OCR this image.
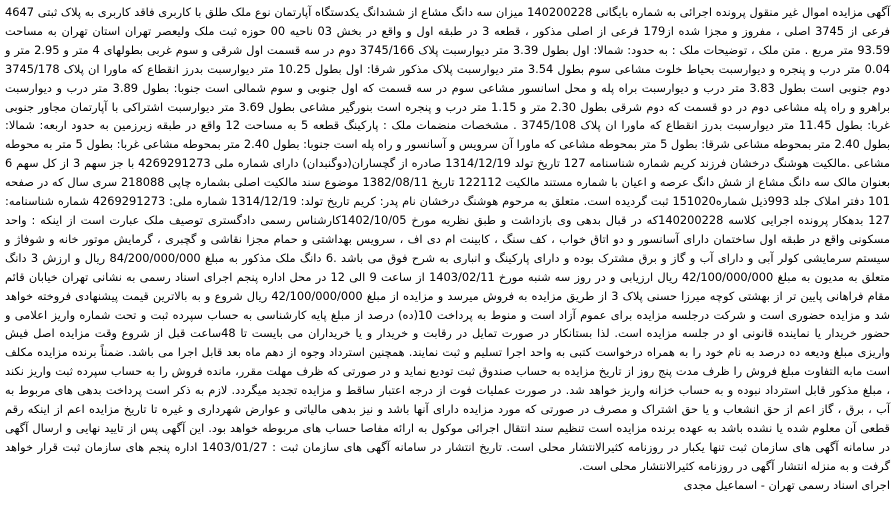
آگهی مزایده اموال غیر منقول پرونده اجرائی به شماره بایگانی 140200228 میزان سه دانگ مشاع از ششدانگ یکدستگاه آپارتمان نوع ملک طلق با کاربری فاقد کاربری به پلاک ثبتی 4647 فرعی از 3745 اصلی ، مفروز و مجزا شده از179 فرعی از اصلی مذکور ، قطعه 3 در طبقه اول و واقع در بخش 03 ناحیه 00 حوزه ثبت ملک ولیعصر تهران استان تهران به مساحت 93.59 متر مربع . متن ملک ، توضیحات ملک : به حدود: شمالا: اول بطول 3.39 متر دیوارسبت پلاک 3745/166 دوم در سه قسمت اول شرقی و سوم غربی بطولهای 4 متر و 2.95 متر و 0.04 متر درب و پنجره و دیوارسبت بحیاط خلوت مشاعی سوم بطول 3.54 متر دیوارسبت پلاک مذکور شرقا: اول بطول 10.25 متر دیوارسبت بدرز انقطاع که ماورا ان پلاک 3745/178 دوم جنوبی است بطول 3.83 متر درب و دیوارسبت براه پله و محل اسانسور مشاعی سوم در سه قسمت که اول جنوبی و سوم شمالی است جنوبا: بطول 3.89 متر درب و دیوارسبت براهرو و راه پله مشاعی دوم در دو قسمت که دوم شرقی بطول 2.30 متر و 1.15 متر درب و پنجره است بنورگیر مشاعی بطول 3.69 متر دیوارسبت اشتراکی با آپارتمان مجاور جنوبی غربا: بطول 11.45 متر دیوارسبت بدرز انقطاع که ماورا ان پلاک 3745/108 . مشخصات منضمات ملک : پارکینگ قطعه 5 به مساحت 12 واقع در طبقه زیرزمین به حدود اربعه: شمالا: بطول 2.40 متر بمحوطه مشاعی شرقا: بطول 5 متر بمحوطه مشاعی که ماورا آن سرویس و آسانسور و راه پله است جنوبا: بطول 2.40 متر بمحوطه مشاعی غربا: بطول 5 متر به محوطه مشاعی .مالکیت هوشنگ درخشان فرزند کریم شماره شناسنامه 127 تاریخ تولد 1314/12/19 صادره از گچساران(دوگنبدان) دارای شماره ملی 4269291273 با جز سهم 3 از کل سهم 6 بعنوان مالک سه دانگ مشاع از شش دانگ عرصه و اعیان با شماره مستند مالکیت 122112 تاریخ 1382/08/11 موضوع سند مالکیت اصلی بشماره چاپی 218088 سری سال که در صفحه 101 دفتر املاک جلد 993ذیل شماره151020 ثبت گردیده است. متعلق به مرحوم هوشنگ درخشان نام پدر: کریم تاریخ تولد: 1314/12/19 شماره ملی: 4269291273 شماره شناسنامه: 127 بدهکار پرونده اجرایی کلاسه 140200228که در قبال بدهی وی بازداشت و طبق نظریه مورخ 1402/10/05کارشناس رسمی دادگستری توصیف ملک عبارت است از اینکه : واحد مسکونی واقع در طبقه اول ساختمان دارای آسانسور و دو اتاق خواب ، کف سنگ ، کابینت ام دی اف ، سرویس بهداشتی و حمام مجزا نقاشی و گچبری ، گرمایش موتور خانه و شوفاژ و سیستم سرمایشی کولر آبی و دارای آب و گاز و برق مشترک بوده و دارای پارکینگ و انباری به شرح فوق می باشد .6 دانگ ملک مذکور به مبلغ 84/200/000/000 ریال و ارزش 3 دانگ متعلق به مدیون به مبلغ 42/100/000/000 ریال ارزیابی و در روز سه شنبه مورخ 1403/02/11 از ساعت 9 الی 12 در محل اداره پنجم اجرای اسناد رسمی به نشانی تهران خیابان قائم مقام فراهانی پایین تر از بهشتی کوچه میرزا حسنی پلاک 3 از طریق مزایده به فروش میرسد و مزایده از مبلغ 42/100/000/000 ریال شروع و به بالاترین قیمت پیشنهادی فروخته خواهد شد و مزایده حضوری است و شرکت درجلسه مزایده برای عموم آزاد است و منوط به پرداخت 10(ده) درصد از مبلغ پایه کارشناسی به حساب سپرده ثبت و تحت شماره واریز اعلامی و حضور خریدار یا نماینده قانونی او در جلسه مزایده است. لذا بستانکار در صورت تمایل در رقابت و خریدار و یا خریداران می بایست تا 48ساعت قبل از شروع وقت مزایده اصل فیش واریزی مبلغ ودیعه ده درصد به نام خود را به همراه درخواست کتبی به واحد اجرا تسلیم و ثبت نمایند. همچنین استرداد وجوه از دهم ماه بعد قابل اجرا می باشد. ضمناً برنده مزایده مکلف است مابه التفاوت مبلغ فروش را ظرف مدت پنج روز از تاریخ مزایده به حساب صندوق ثبت تودیع نماید و در صورتی که ظرف مهلت مقرر، مانده فروش را به حساب سپرده ثبت واریز نکند ، مبلغ مذکور قابل استرداد نبوده و به حساب خزانه واریز خواهد شد. در صورت عملیات فوت از درجه اعتبار ساقط و مزایده تجدید میگردد. لازم به ذکر است پرداخت بدهی های مربوط به آب ، برق ، گاز اعم از حق انشعاب و یا حق اشتراک و مصرف در صورتی که مورد مزایده دارای آنها باشد و نیز بدهی مالیاتی و عوارض شهرداری و غیره تا تاریخ مزایده اعم از اینکه رقم قطعی آن معلوم شده یا نشده باشد به عهده برنده مزایده است تنظیم سند انتقال اجرائی موکول به ارائه مفاصا حساب های مربوطه خواهد بود. این آگهی پس از تایید نهایی و ارسال آگهی در سامانه آگهی های سازمان ثبت تنها یکبار در روزنامه کثیرالانتشار محلی است. تاریخ انتشار در سامانه آگهی های سازمان ثبت : 1403/01/27 اداره پنجم های سازمان ثبت قرار خواهد گرفت و به منزله انتشار آگهی در روزنامه کثیرالانتشار محلی است.

اجرای اسناد رسمی تهران - اسماعیل مجدی
